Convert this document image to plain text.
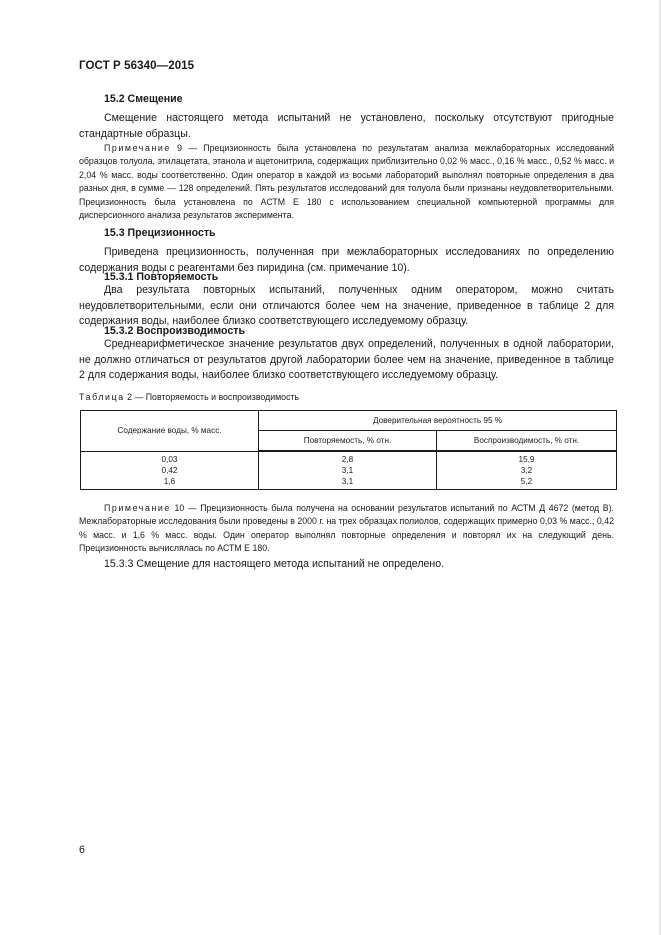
ГОСТ Р 56340—2015
15.2 Смещение
Смещение настоящего метода испытаний не установлено, поскольку отсутствуют пригодные стандартные образцы.
Примечание 9 — Прецизионность была установлена по результатам анализа межлабораторных исследований образцов толуола, этилацетата, этанола и ацетонитрила, содержащих приблизительно 0,02 % масс., 0,16 % масс., 0,52 % масс. и 2,04 % масс. воды соответственно. Один оператор в каждой из восьми лабораторий выполнял повторные определения в два разных дня, в сумме — 128 определений. Пять результатов исследований для толуола были признаны неудовлетворительными. Прецизионность была установлена по АСТМ Е 180 с использованием специальной компьютерной программы для дисперсионного анализа результатов эксперимента.
15.3 Прецизионность
Приведена прецизионность, полученная при межлабораторных исследованиях по определению содержания воды с реагентами без пиридина (см. примечание 10).
15.3.1 Повторяемость
Два результата повторных испытаний, полученных одним оператором, можно считать неудовлетворительными, если они отличаются более чем на значение, приведенное в таблице 2 для содержания воды, наиболее близко соответствующего исследуемому образцу.
15.3.2 Воспроизводимость
Среднеарифметическое значение результатов двух определений, полученных в одной лаборатории, не должно отличаться от результатов другой лаборатории более чем на значение, приведенное в таблице 2 для содержания воды, наиболее близко соответствующего исследуемому образцу.
Таблица 2 — Повторяемость и воспроизводимость
Содержание воды, % масс.	Доверительная вероятность 95 %	
	Повторяемость, % отн.	Воспроизводимость, % отн.
0,03	2,8	15,9
0,42	3,1	3,2
1,6	3,1	5,2
Примечание 10 — Прецизионность была получена на основании результатов испытаний по АСТМ Д 4672 (метод В). Межлабораторные исследования были проведены в 2000 г. на трех образцах полиолов, содержащих примерно 0,03 % масс., 0,42 % масс. и 1,6 % масс. воды. Один оператор выполнял повторные определения и повторял их на следующий день. Прецизионность вычислялась по АСТМ Е 180.
15.3.3 Смещение для настоящего метода испытаний не определено.
6
